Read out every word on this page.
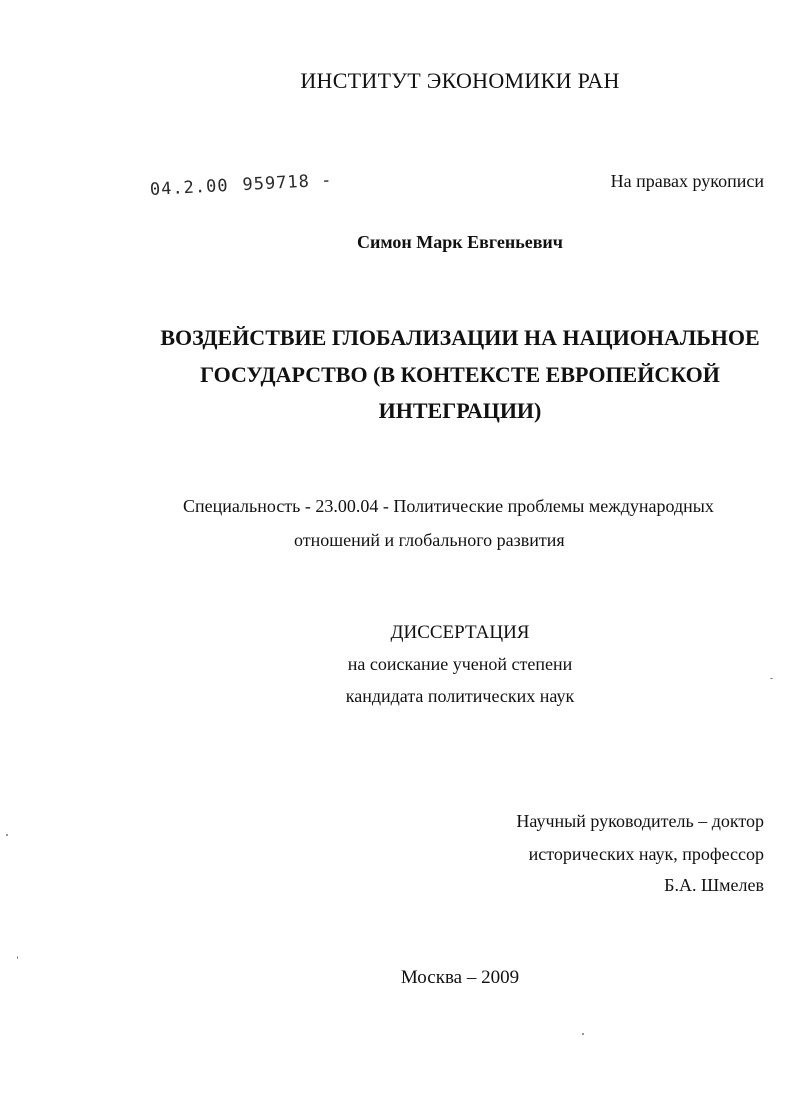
ИНСТИТУТ ЭКОНОМИКИ РАН
На правах рукописи
04.2.00 959718 -
Симон Марк Евгеньевич
ВОЗДЕЙСТВИЕ ГЛОБАЛИЗАЦИИ НА НАЦИОНАЛЬНОЕ
ГОСУДАРСТВО (В КОНТЕКСТЕ ЕВРОПЕЙСКОЙ
ИНТЕГРАЦИИ)
Специальность - 23.00.04 - Политические проблемы международных
отношений и глобального развития
ДИССЕРТАЦИЯ
на соискание ученой степени
кандидата политических наук
Научный руководитель – доктор
исторических наук, профессор
Б.А. Шмелев
Москва – 2009
